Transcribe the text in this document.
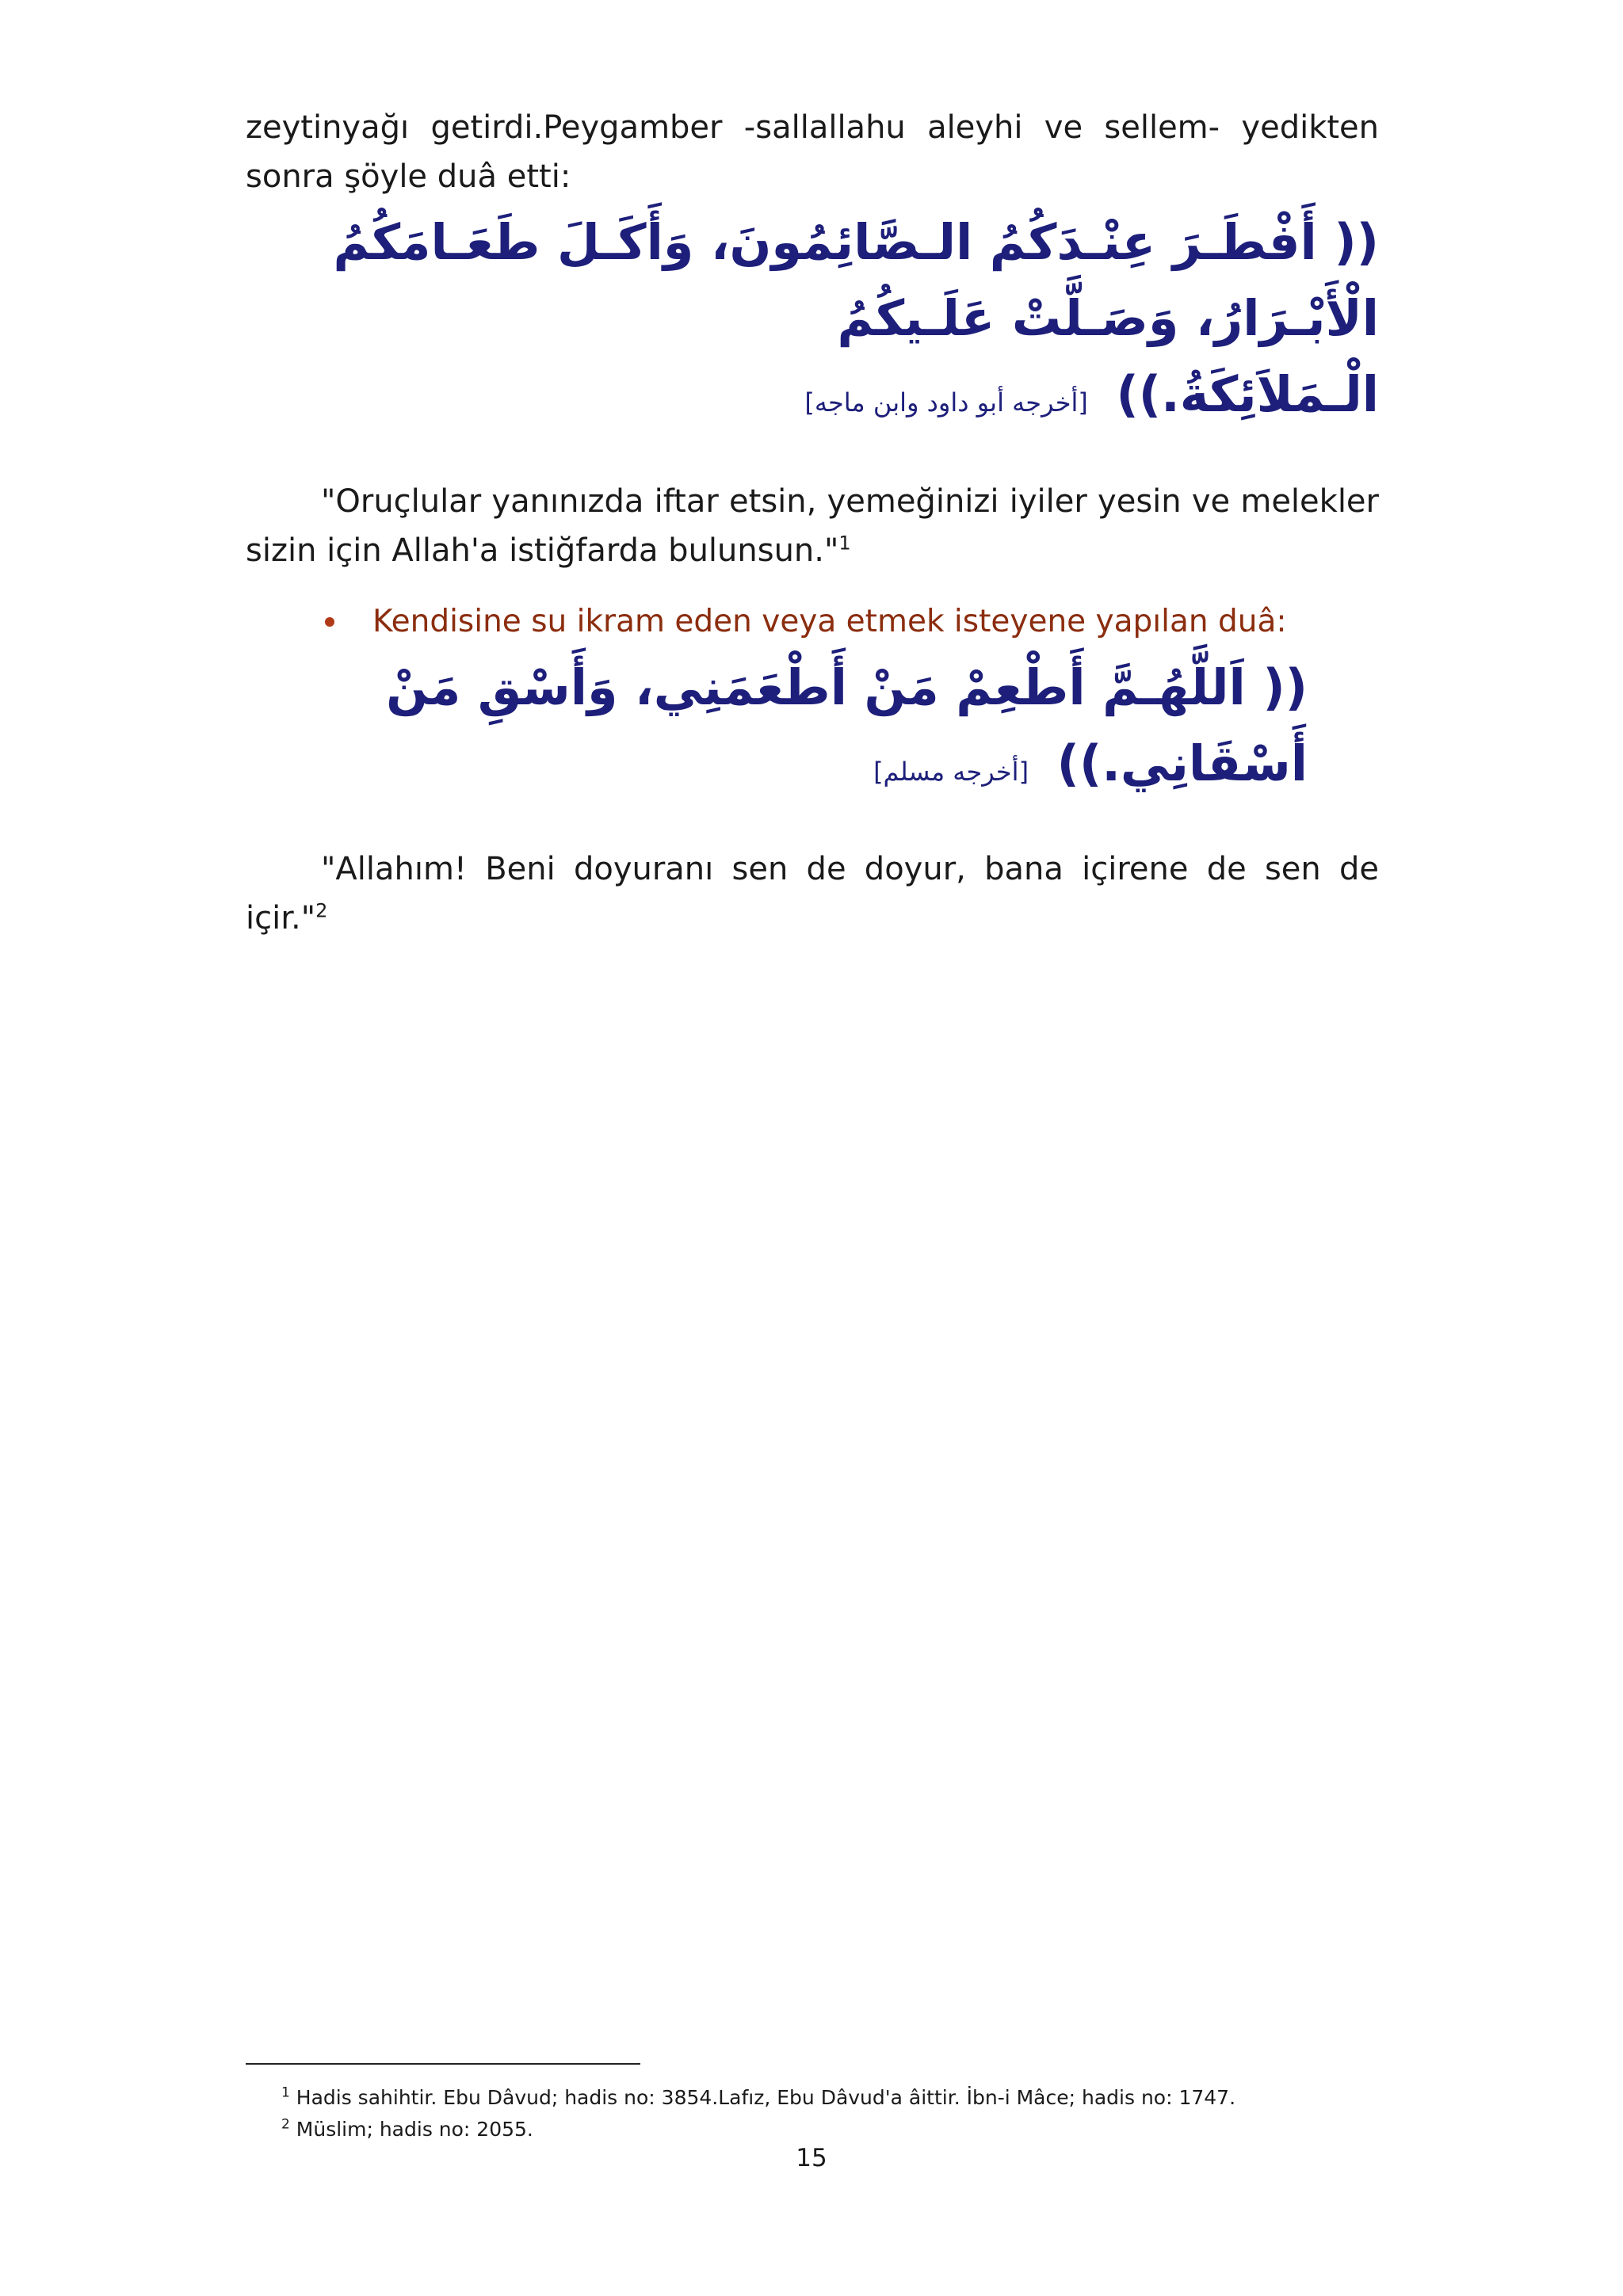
zeytinyağı getirdi.Peygamber -sallallahu aleyhi ve sellem- yedikten sonra şöyle duâ etti:

(( أَفْطَـرَ عِنْـدَكُمُ الـصَّائِمُونَ، وَأَكَـلَ طَعَـامَكُمُ الْأَبْـرَارُ، وَصَـلَّتْ عَلَـيكُمُ
الْـمَلاَئِكَةُ.)) [أخرجه أبو داود وابن ماجه]

"Oruçlular yanınızda iftar etsin, yemeğinizi iyiler yesin ve melekler sizin için Allah'a istiğfarda bulunsun."$^1$

Kendisine su ikram eden veya etmek isteyene yapılan duâ:
(( اَللَّهُـمَّ أَطْعِمْ مَنْ أَطْعَمَنِي، وَأَسْقِ مَنْ أَسْقَانِي.)) [أخرجه مسلم]

"Allahım! Beni doyuranı sen de doyur, bana içirene de sen de içir."$^2$

$^1$ Hadis sahihtir. Ebu Dâvud; hadis no: 3854.Lafız, Ebu Dâvud'a âittir. İbn-i Mâce; hadis no: 1747.
$^2$ Müslim; hadis no: 2055.
15
